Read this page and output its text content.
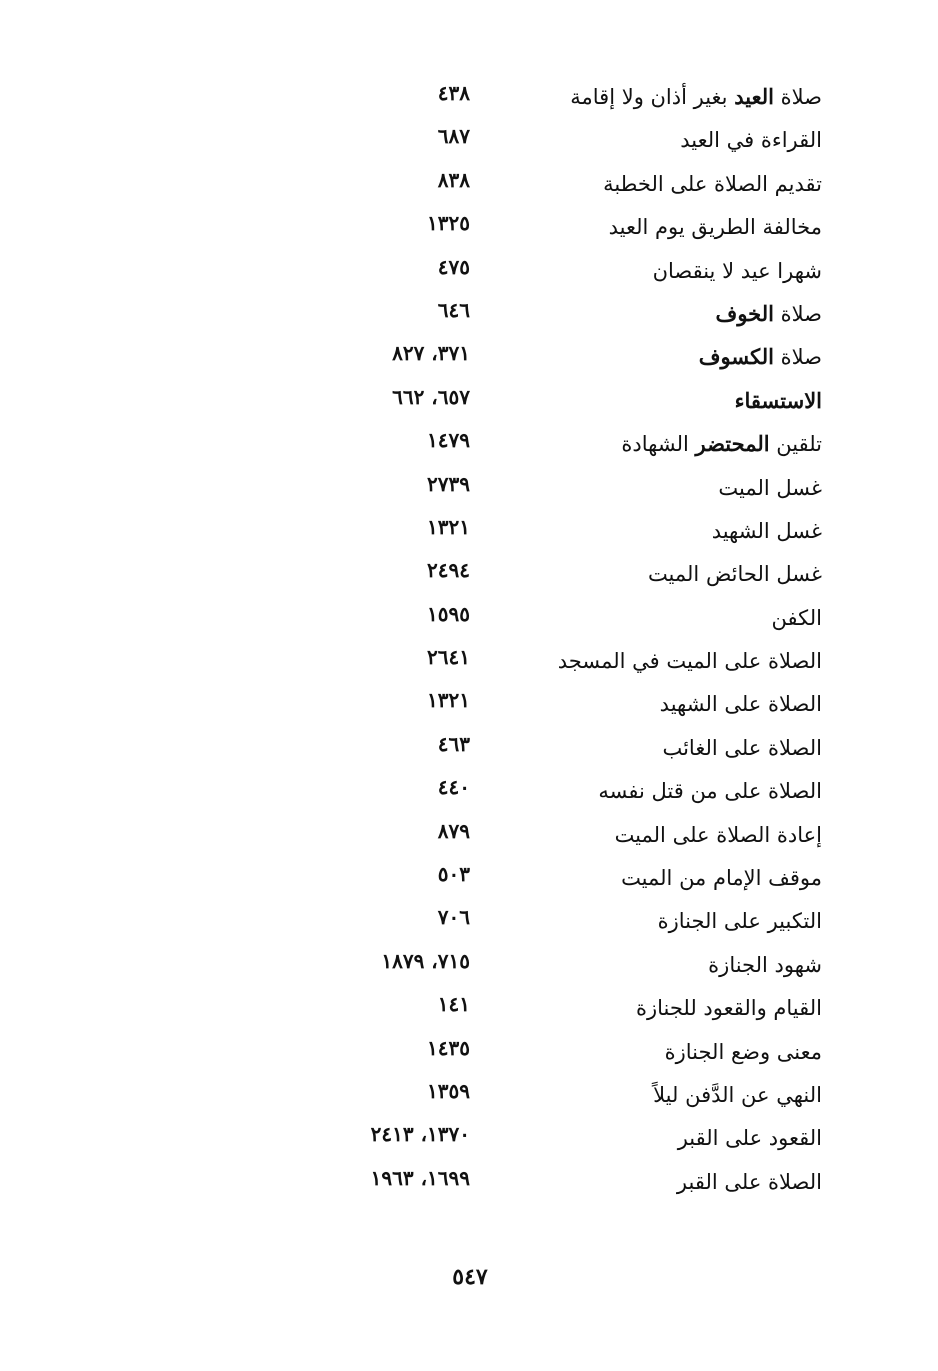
صلاة العيد بغير أذان ولا إقامة
٤٣٨
القراءة في العيد
٦٨٧
تقديم الصلاة على الخطبة
٨٣٨
مخالفة الطريق يوم العيد
١٣٢٥
شهرا عيد لا ينقصان
٤٧٥
صلاة الخوف
٦٤٦
صلاة الكسوف
٣٧١، ٨٢٧
الاستسقاء
٦٥٧، ٦٦٢
تلقين المحتضر الشهادة
١٤٧٩
غسل الميت
٢٧٣٩
غسل الشهيد
١٣٢١
غسل الحائض الميت
٢٤٩٤
الكفن
١٥٩٥
الصلاة على الميت في المسجد
٢٦٤١
الصلاة على الشهيد
١٣٢١
الصلاة على الغائب
٤٦٣
الصلاة على من قتل نفسه
٤٤٠
إعادة الصلاة على الميت
٨٧٩
موقف الإمام من الميت
٥٠٣
التكبير على الجنازة
٧٠٦
شهود الجنازة
٧١٥، ١٨٧٩
القيام والقعود للجنازة
١٤١
معنى وضع الجنازة
١٤٣٥
النهي عن الدَّفن ليلاً
١٣٥٩
القعود على القبر
١٣٧٠، ٢٤١٣
الصلاة على القبر
١٦٩٩، ١٩٦٣
٥٤٧
